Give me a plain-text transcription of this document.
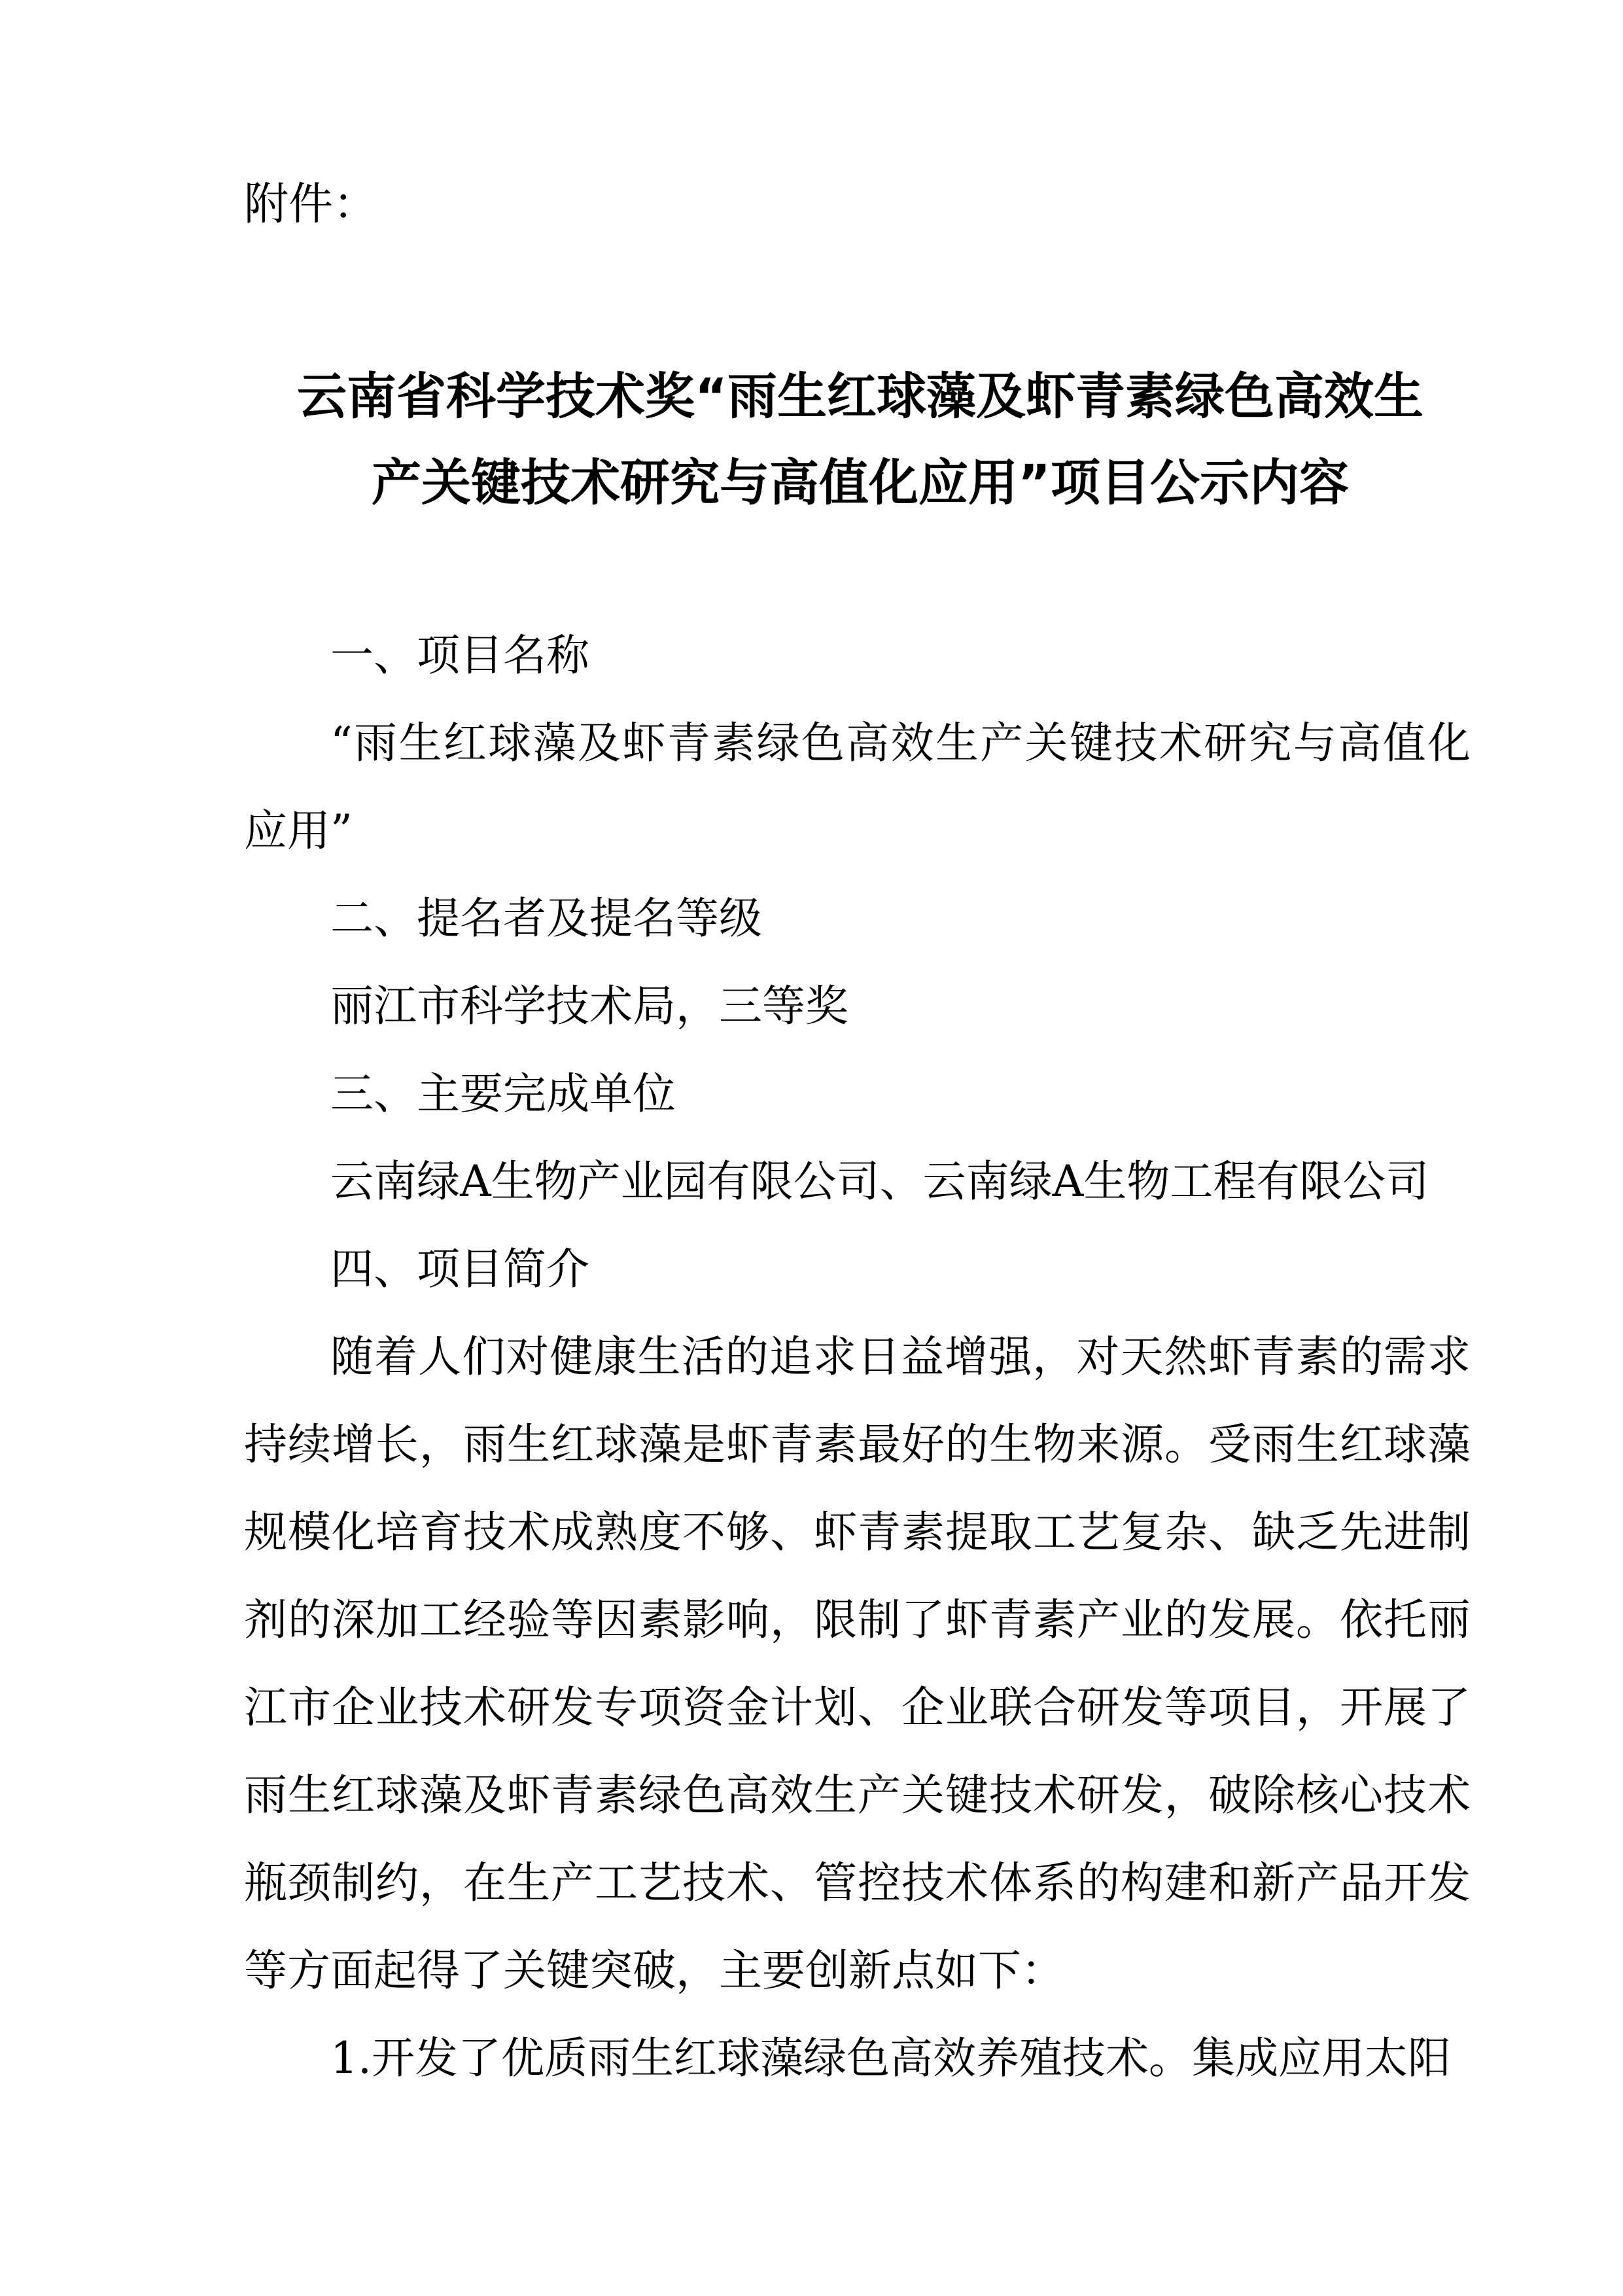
附件：
云南省科学技术奖“雨生红球藻及虾青素绿色高效生
产关键技术研究与高值化应用”项目公示内容

一、项目名称

“雨生红球藻及虾青素绿色高效生产关键技术研究与高值化应用”

二、提名者及提名等级

丽江市科学技术局，三等奖

三、主要完成单位

云南绿A生物产业园有限公司、云南绿A生物工程有限公司

四、项目简介

随着人们对健康生活的追求日益增强，对天然虾青素的需求持续增长，雨生红球藻是虾青素最好的生物来源。受雨生红球藻规模化培育技术成熟度不够、虾青素提取工艺复杂、缺乏先进制剂的深加工经验等因素影响，限制了虾青素产业的发展。依托丽江市企业技术研发专项资金计划、企业联合研发等项目，开展了雨生红球藻及虾青素绿色高效生产关键技术研发，破除核心技术瓶颈制约，在生产工艺技术、管控技术体系的构建和新产品开发等方面起得了关键突破，主要创新点如下：

1.开发了优质雨生红球藻绿色高效养殖技术。集成应用太阳
